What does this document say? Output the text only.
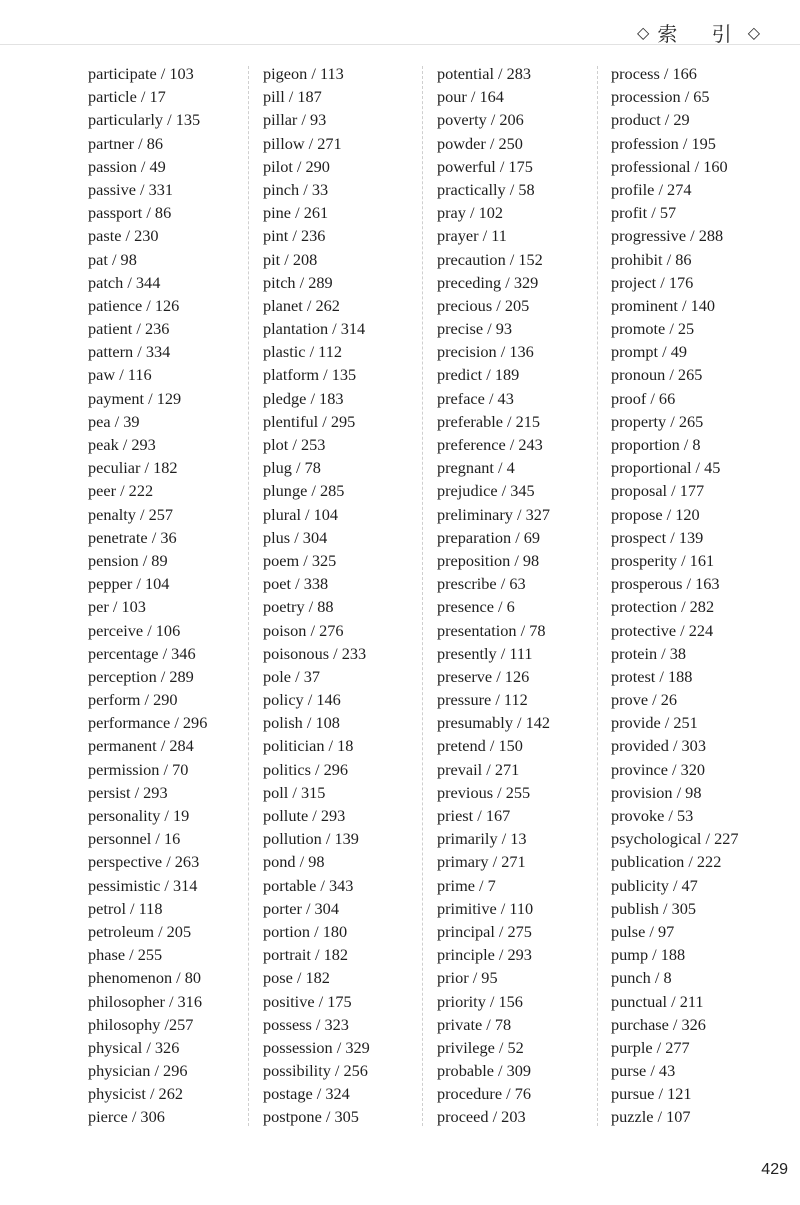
◇ 索 引 ◇
participate / 103
particle / 17
particularly / 135
partner / 86
passion / 49
passive / 331
passport / 86
paste / 230
pat / 98
patch / 344
patience / 126
patient / 236
pattern / 334
paw / 116
payment / 129
pea / 39
peak / 293
peculiar / 182
peer / 222
penalty / 257
penetrate / 36
pension / 89
pepper / 104
per / 103
perceive / 106
percentage / 346
perception / 289
perform / 290
performance / 296
permanent / 284
permission / 70
persist / 293
personality / 19
personnel / 16
perspective / 263
pessimistic / 314
petrol / 118
petroleum / 205
phase / 255
phenomenon / 80
philosopher / 316
philosophy /257
physical / 326
physician / 296
physicist / 262
pierce / 306
pigeon / 113
pill / 187
pillar / 93
pillow / 271
pilot / 290
pinch / 33
pine / 261
pint / 236
pit / 208
pitch / 289
planet / 262
plantation / 314
plastic / 112
platform / 135
pledge / 183
plentiful / 295
plot / 253
plug / 78
plunge / 285
plural / 104
plus / 304
poem / 325
poet / 338
poetry / 88
poison / 276
poisonous / 233
pole / 37
policy / 146
polish / 108
politician / 18
politics / 296
poll / 315
pollute / 293
pollution / 139
pond / 98
portable / 343
porter / 304
portion / 180
portrait / 182
pose / 182
positive / 175
possess / 323
possession / 329
possibility / 256
postage / 324
postpone / 305
potential / 283
pour / 164
poverty / 206
powder / 250
powerful / 175
practically / 58
pray / 102
prayer / 11
precaution / 152
preceding / 329
precious / 205
precise / 93
precision / 136
predict / 189
preface / 43
preferable / 215
preference / 243
pregnant / 4
prejudice / 345
preliminary / 327
preparation / 69
preposition / 98
prescribe / 63
presence / 6
presentation / 78
presently / 111
preserve / 126
pressure / 112
presumably / 142
pretend / 150
prevail / 271
previous / 255
priest / 167
primarily / 13
primary / 271
prime / 7
primitive / 110
principal / 275
principle / 293
prior / 95
priority / 156
private / 78
privilege / 52
probable / 309
procedure / 76
proceed / 203
process / 166
procession / 65
product / 29
profession / 195
professional / 160
profile / 274
profit / 57
progressive / 288
prohibit / 86
project / 176
prominent / 140
promote / 25
prompt / 49
pronoun / 265
proof / 66
property / 265
proportion / 8
proportional / 45
proposal / 177
propose / 120
prospect / 139
prosperity / 161
prosperous / 163
protection / 282
protective / 224
protein / 38
protest / 188
prove / 26
provide / 251
provided / 303
province / 320
provision / 98
provoke / 53
psychological / 227
publication / 222
publicity / 47
publish / 305
pulse / 97
pump / 188
punch / 8
punctual / 211
purchase / 326
purple / 277
purse / 43
pursue / 121
puzzle / 107
429
